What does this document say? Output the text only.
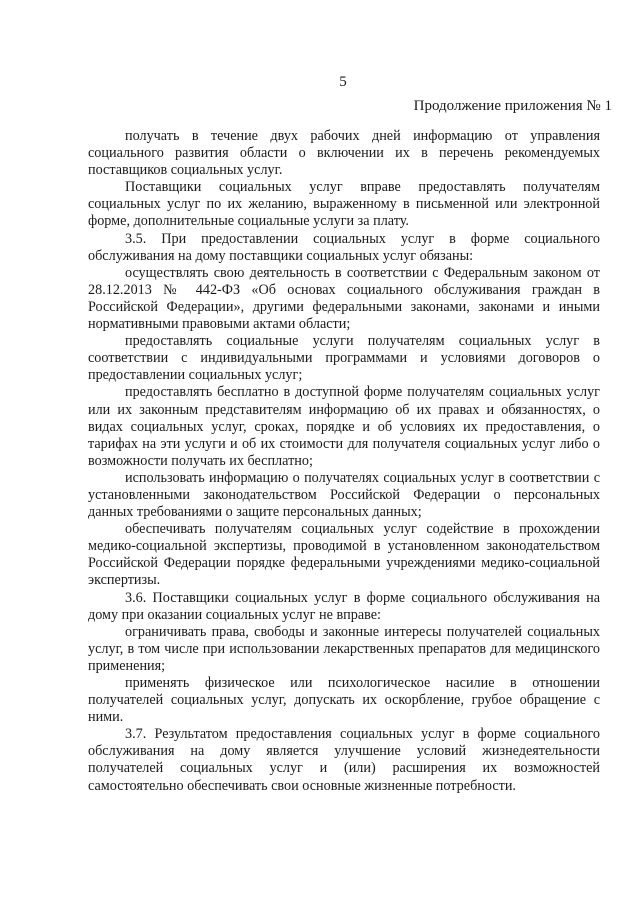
5
Продолжение приложения № 1

получать в течение двух рабочих дней информацию от управления социального развития области о включении их в перечень рекомендуемых поставщиков социальных услуг.

Поставщики социальных услуг вправе предоставлять получателям социальных услуг по их желанию, выраженному в письменной или электронной форме, дополнительные социальные услуги за плату.

3.5. При предоставлении социальных услуг в форме социального обслуживания на дому поставщики социальных услуг обязаны:

осуществлять свою деятельность в соответствии с Федеральным законом от 28.12.2013 № 442-ФЗ «Об основах социального обслуживания граждан в Российской Федерации», другими федеральными законами, законами и иными нормативными правовыми актами области;

предоставлять социальные услуги получателям социальных услуг в соответствии с индивидуальными программами и условиями договоров о предоставлении социальных услуг;

предоставлять бесплатно в доступной форме получателям социальных услуг или их законным представителям информацию об их правах и обязанностях, о видах социальных услуг, сроках, порядке и об условиях их предоставления, о тарифах на эти услуги и об их стоимости для получателя социальных услуг либо о возможности получать их бесплатно;

использовать информацию о получателях социальных услуг в соответствии с установленными законодательством Российской Федерации о персональных данных требованиями о защите персональных данных;

обеспечивать получателям социальных услуг содействие в прохождении медико-социальной экспертизы, проводимой в установленном законодательством Российской Федерации порядке федеральными учреждениями медико-социальной экспертизы.

3.6. Поставщики социальных услуг в форме социального обслуживания на дому при оказании социальных услуг не вправе:

ограничивать права, свободы и законные интересы получателей социальных услуг, в том числе при использовании лекарственных препаратов для медицинского применения;

применять физическое или психологическое насилие в отношении получателей социальных услуг, допускать их оскорбление, грубое обращение с ними.

3.7. Результатом предоставления социальных услуг в форме социального обслуживания на дому является улучшение условий жизнедеятельности получателей социальных услуг и (или) расширения их возможностей самостоятельно обеспечивать свои основные жизненные потребности.
